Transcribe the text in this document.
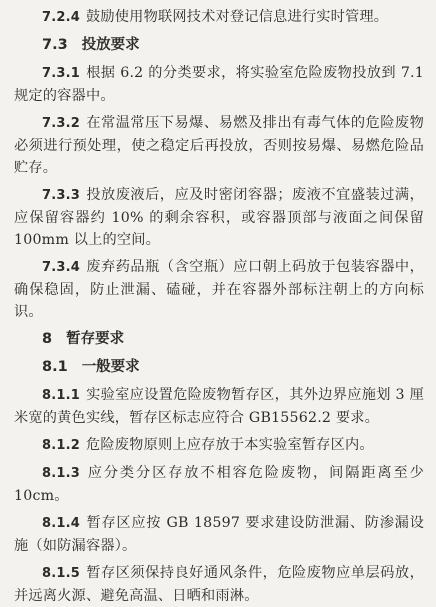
7.2.4 鼓励使用物联网技术对登记信息进行实时管理。

7.3 投放要求

7.3.1 根据 6.2 的分类要求，将实验室危险废物投放到 7.1 规定的容器中。

7.3.2 在常温常压下易爆、易燃及排出有毒气体的危险废物必须进行预处理，使之稳定后再投放，否则按易爆、易燃危险品贮存。

7.3.3 投放废液后，应及时密闭容器；废液不宜盛装过满，应保留容器约 10% 的剩余容积，或容器顶部与液面之间保留 100mm 以上的空间。

7.3.4 废弃药品瓶（含空瓶）应口朝上码放于包装容器中，确保稳固，防止泄漏、磕碰，并在容器外部标注朝上的方向标识。

8 暂存要求
8.1 一般要求

8.1.1 实验室应设置危险废物暂存区，其外边界应施划 3 厘米宽的黄色实线，暂存区标志应符合 GB15562.2 要求。

8.1.2 危险废物原则上应存放于本实验室暂存区内。

8.1.3 应分类分区存放不相容危险废物，间隔距离至少 10cm。

8.1.4 暂存区应按 GB 18597 要求建设防泄漏、防渗漏设施（如防漏容器）。

8.1.5 暂存区须保持良好通风条件，危险废物应单层码放，并远离火源、避免高温、日晒和雨淋。
